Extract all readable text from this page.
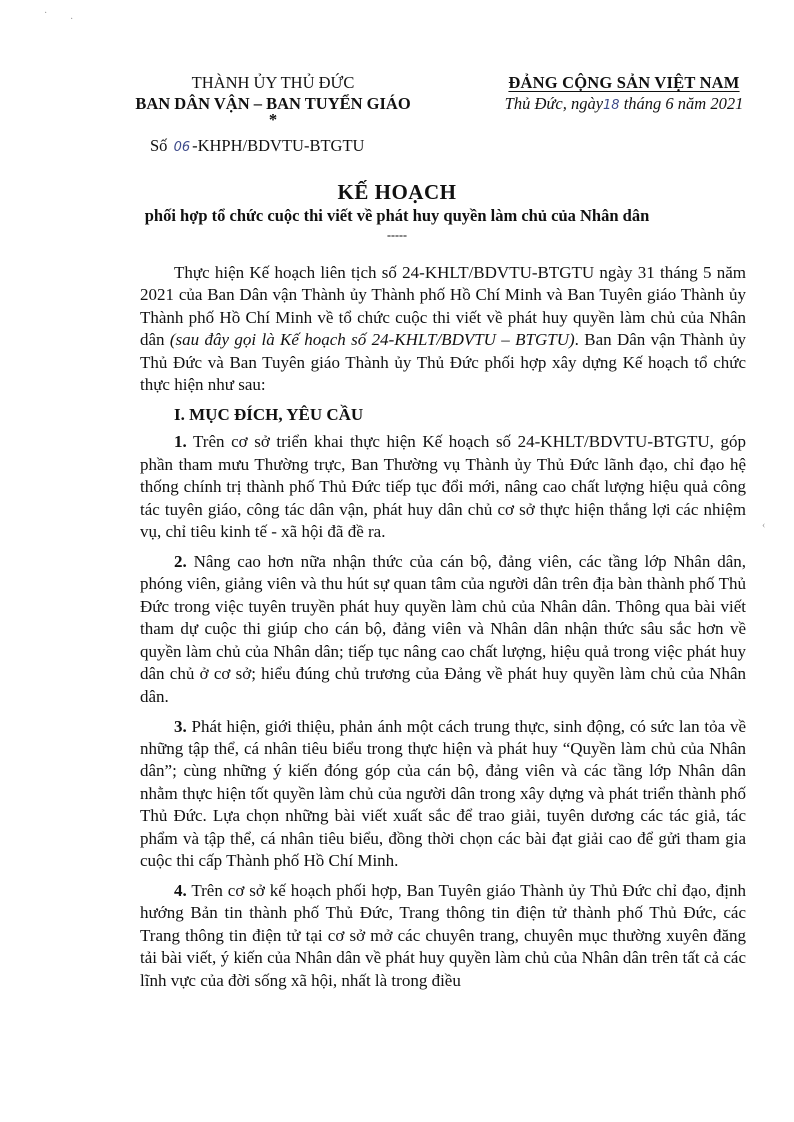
·
·
‹
THÀNH ỦY THỦ ĐỨC
BAN DÂN VẬN – BAN TUYỂN GIÁO
*
Số 06 -KHPH/BDVTU-BTGTU
ĐẢNG CỘNG SẢN VIỆT NAM
Thủ Đức, ngày18 tháng 6 năm 2021
KẾ HOẠCH
phối hợp tổ chức cuộc thi viết về phát huy quyền làm chủ của Nhân dân
-----

Thực hiện Kế hoạch liên tịch số 24-KHLT/BDVTU-BTGTU ngày 31 tháng 5 năm 2021 của Ban Dân vận Thành ủy Thành phố Hồ Chí Minh và Ban Tuyên giáo Thành ủy Thành phố Hồ Chí Minh về tổ chức cuộc thi viết về phát huy quyền làm chủ của Nhân dân (sau đây gọi là Kế hoạch số 24-KHLT/BDVTU – BTGTU). Ban Dân vận Thành ủy Thủ Đức và Ban Tuyên giáo Thành ủy Thủ Đức phối hợp xây dựng Kế hoạch tổ chức thực hiện như sau:

I. MỤC ĐÍCH, YÊU CẦU

1. Trên cơ sở triển khai thực hiện Kế hoạch số 24-KHLT/BDVTU-BTGTU, góp phần tham mưu Thường trực, Ban Thường vụ Thành ủy Thủ Đức lãnh đạo, chỉ đạo hệ thống chính trị thành phố Thủ Đức tiếp tục đổi mới, nâng cao chất lượng hiệu quả công tác tuyên giáo, công tác dân vận, phát huy dân chủ cơ sở thực hiện thắng lợi các nhiệm vụ, chỉ tiêu kinh tế - xã hội đã đề ra.

2. Nâng cao hơn nữa nhận thức của cán bộ, đảng viên, các tầng lớp Nhân dân, phóng viên, giảng viên và thu hút sự quan tâm của người dân trên địa bàn thành phố Thủ Đức trong việc tuyên truyền phát huy quyền làm chủ của Nhân dân. Thông qua bài viết tham dự cuộc thi giúp cho cán bộ, đảng viên và Nhân dân nhận thức sâu sắc hơn về quyền làm chủ của Nhân dân; tiếp tục nâng cao chất lượng, hiệu quả trong việc phát huy dân chủ ở cơ sở; hiểu đúng chủ trương của Đảng về phát huy quyền làm chủ của Nhân dân.

3. Phát hiện, giới thiệu, phản ánh một cách trung thực, sinh động, có sức lan tỏa về những tập thể, cá nhân tiêu biểu trong thực hiện và phát huy “Quyền làm chủ của Nhân dân”; cùng những ý kiến đóng góp của cán bộ, đảng viên và các tầng lớp Nhân dân nhằm thực hiện tốt quyền làm chủ của người dân trong xây dựng và phát triển thành phố Thủ Đức. Lựa chọn những bài viết xuất sắc để trao giải, tuyên dương các tác giả, tác phẩm và tập thể, cá nhân tiêu biểu, đồng thời chọn các bài đạt giải cao để gửi tham gia cuộc thi cấp Thành phố Hồ Chí Minh.

4. Trên cơ sở kế hoạch phối hợp, Ban Tuyên giáo Thành ủy Thủ Đức chỉ đạo, định hướng Bản tin thành phố Thủ Đức, Trang thông tin điện tử thành phố Thủ Đức, các Trang thông tin điện tử tại cơ sở mở các chuyên trang, chuyên mục thường xuyên đăng tải bài viết, ý kiến của Nhân dân về phát huy quyền làm chủ của Nhân dân trên tất cả các lĩnh vực của đời sống xã hội, nhất là trong điều
